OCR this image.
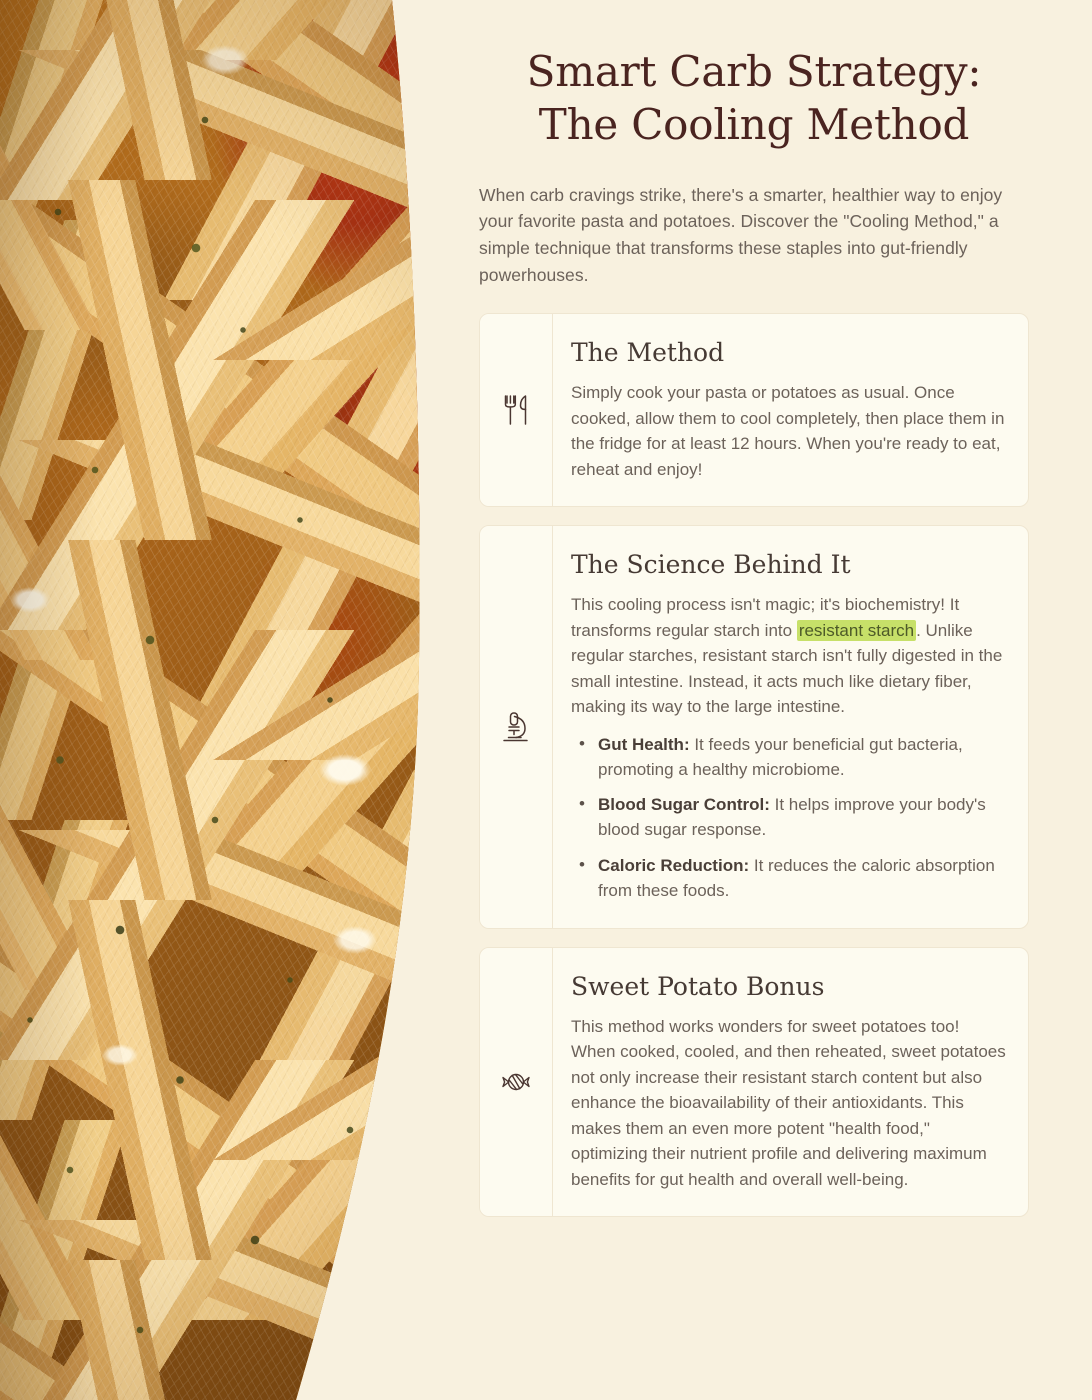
Smart Carb Strategy:
The Cooling Method

When carb cravings strike, there's a smarter, healthier way to enjoy your favorite pasta and potatoes. Discover the "Cooling Method," a simple technique that transforms these staples into gut-friendly powerhouses.

The Method

Simply cook your pasta or potatoes as usual. Once cooked, allow them to cool completely, then place them in the fridge for at least 12 hours. When you're ready to eat, reheat and enjoy!

The Science Behind It

This cooling process isn't magic; it's biochemistry! It transforms regular starch into resistant starch . Unlike regular starches, resistant starch isn't fully digested in the small intestine. Instead, it acts much like dietary fiber, making its way to the large intestine.

• Gut Health: It feeds your beneficial gut bacteria, promoting a healthy microbiome.
• Blood Sugar Control: It helps improve your body's blood sugar response.
• Caloric Reduction: It reduces the caloric absorption from these foods.
Sweet Potato Bonus

This method works wonders for sweet potatoes too! When cooked, cooled, and then reheated, sweet potatoes not only increase their resistant starch content but also enhance the bioavailability of their antioxidants. This makes them an even more potent "health food," optimizing their nutrient profile and delivering maximum benefits for gut health and overall well-being.
